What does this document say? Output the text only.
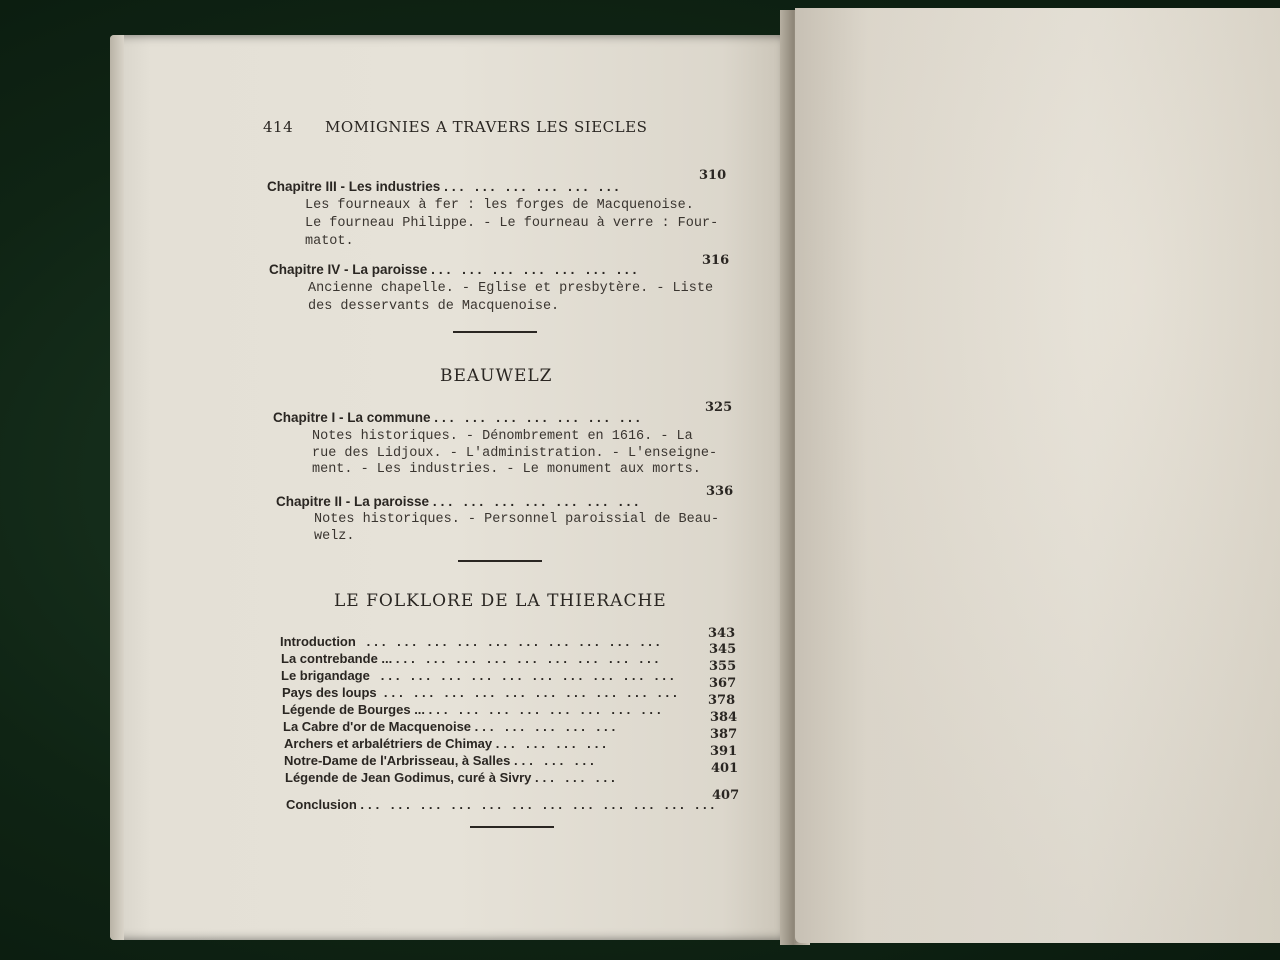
414 MOMIGNIES A TRAVERS LES SIECLES
Chapitre III - Les industries ... ... ... ... ... ...
310
Les fourneaux à fer : les forges de Macquenoise.
Le fourneau Philippe. - Le fourneau à verre : Four-
matot.
Chapitre IV - La paroisse ... ... ... ... ... ... ...
316
Ancienne chapelle. - Eglise et presbytère. - Liste
des desservants de Macquenoise.
BEAUWELZ
Chapitre I - La commune ... ... ... ... ... ... ...
325
Notes historiques. - Dénombrement en 1616. - La
rue des Lidjoux. - L'administration. - L'enseigne-
ment. - Les industries. - Le monument aux morts.
Chapitre II - La paroisse ... ... ... ... ... ... ...
336
Notes historiques. - Personnel paroissial de Beau-
welz.
LE FOLKLORE DE LA THIERACHE
Introduction ... ... ... ... ... ... ... ... ... ...
343
La contrebande ... ... ... ... ... ... ... ... ... ...
345
Le brigandage ... ... ... ... ... ... ... ... ... ...
355
Pays des loups ... ... ... ... ... ... ... ... ... ...
367
Légende de Bourges ... ... ... ... ... ... ... ... ...
378
La Cabre d'or de Macquenoise ... ... ... ... ...
384
Archers et arbalétriers de Chimay ... ... ... ...
387
Notre-Dame de l'Arbrisseau, à Salles ... ... ...
391
Légende de Jean Godimus, curé à Sivry ... ... ...
401
Conclusion ... ... ... ... ... ... ... ... ... ... ... ...
407
